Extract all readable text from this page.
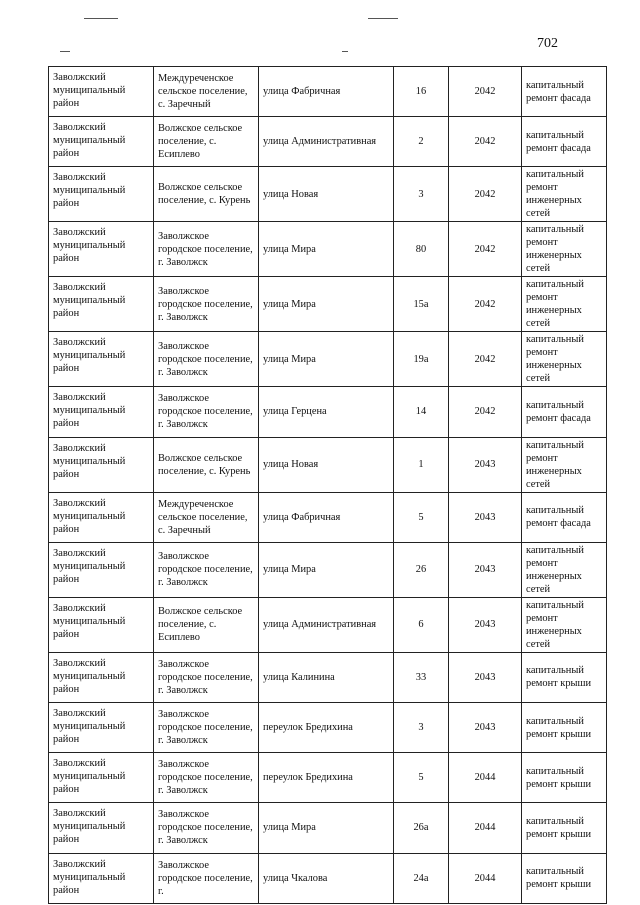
702
Заволжский муниципальный район	Междуреченское сельское поселение, с. Заречный	улица Фабричная	16	2042	капитальный ремонт фасада
Заволжский муниципальный район	Волжское сельское поселение, с. Есиплево	улица Административная	2	2042	капитальный ремонт фасада
Заволжский муниципальный район	Волжское сельское поселение, с. Курень	улица Новая	3	2042	капитальный ремонт инженерных сетей
Заволжский муниципальный район	Заволжское городское поселение, г. Заволжск	улица Мира	80	2042	капитальный ремонт инженерных сетей
Заволжский муниципальный район	Заволжское городское поселение, г. Заволжск	улица Мира	15а	2042	капитальный ремонт инженерных сетей
Заволжский муниципальный район	Заволжское городское поселение, г. Заволжск	улица Мира	19а	2042	капитальный ремонт инженерных сетей
Заволжский муниципальный район	Заволжское городское поселение, г. Заволжск	улица Герцена	14	2042	капитальный ремонт фасада
Заволжский муниципальный район	Волжское сельское поселение, с. Курень	улица Новая	1	2043	капитальный ремонт инженерных сетей
Заволжский муниципальный район	Междуреченское сельское поселение, с. Заречный	улица Фабричная	5	2043	капитальный ремонт фасада
Заволжский муниципальный район	Заволжское городское поселение, г. Заволжск	улица Мира	26	2043	капитальный ремонт инженерных сетей
Заволжский муниципальный район	Волжское сельское поселение, с. Есиплево	улица Административная	6	2043	капитальный ремонт инженерных сетей
Заволжский муниципальный район	Заволжское городское поселение, г. Заволжск	улица Калинина	33	2043	капитальный ремонт крыши
Заволжский муниципальный район	Заволжское городское поселение, г. Заволжск	переулок Бредихина	3	2043	капитальный ремонт крыши
Заволжский муниципальный район	Заволжское городское поселение, г. Заволжск	переулок Бредихина	5	2044	капитальный ремонт крыши
Заволжский муниципальный район	Заволжское городское поселение, г. Заволжск	улица Мира	26а	2044	капитальный ремонт крыши
Заволжский муниципальный район	Заволжское городское поселение, г.	улица Чкалова	24а	2044	капитальный ремонт крыши
